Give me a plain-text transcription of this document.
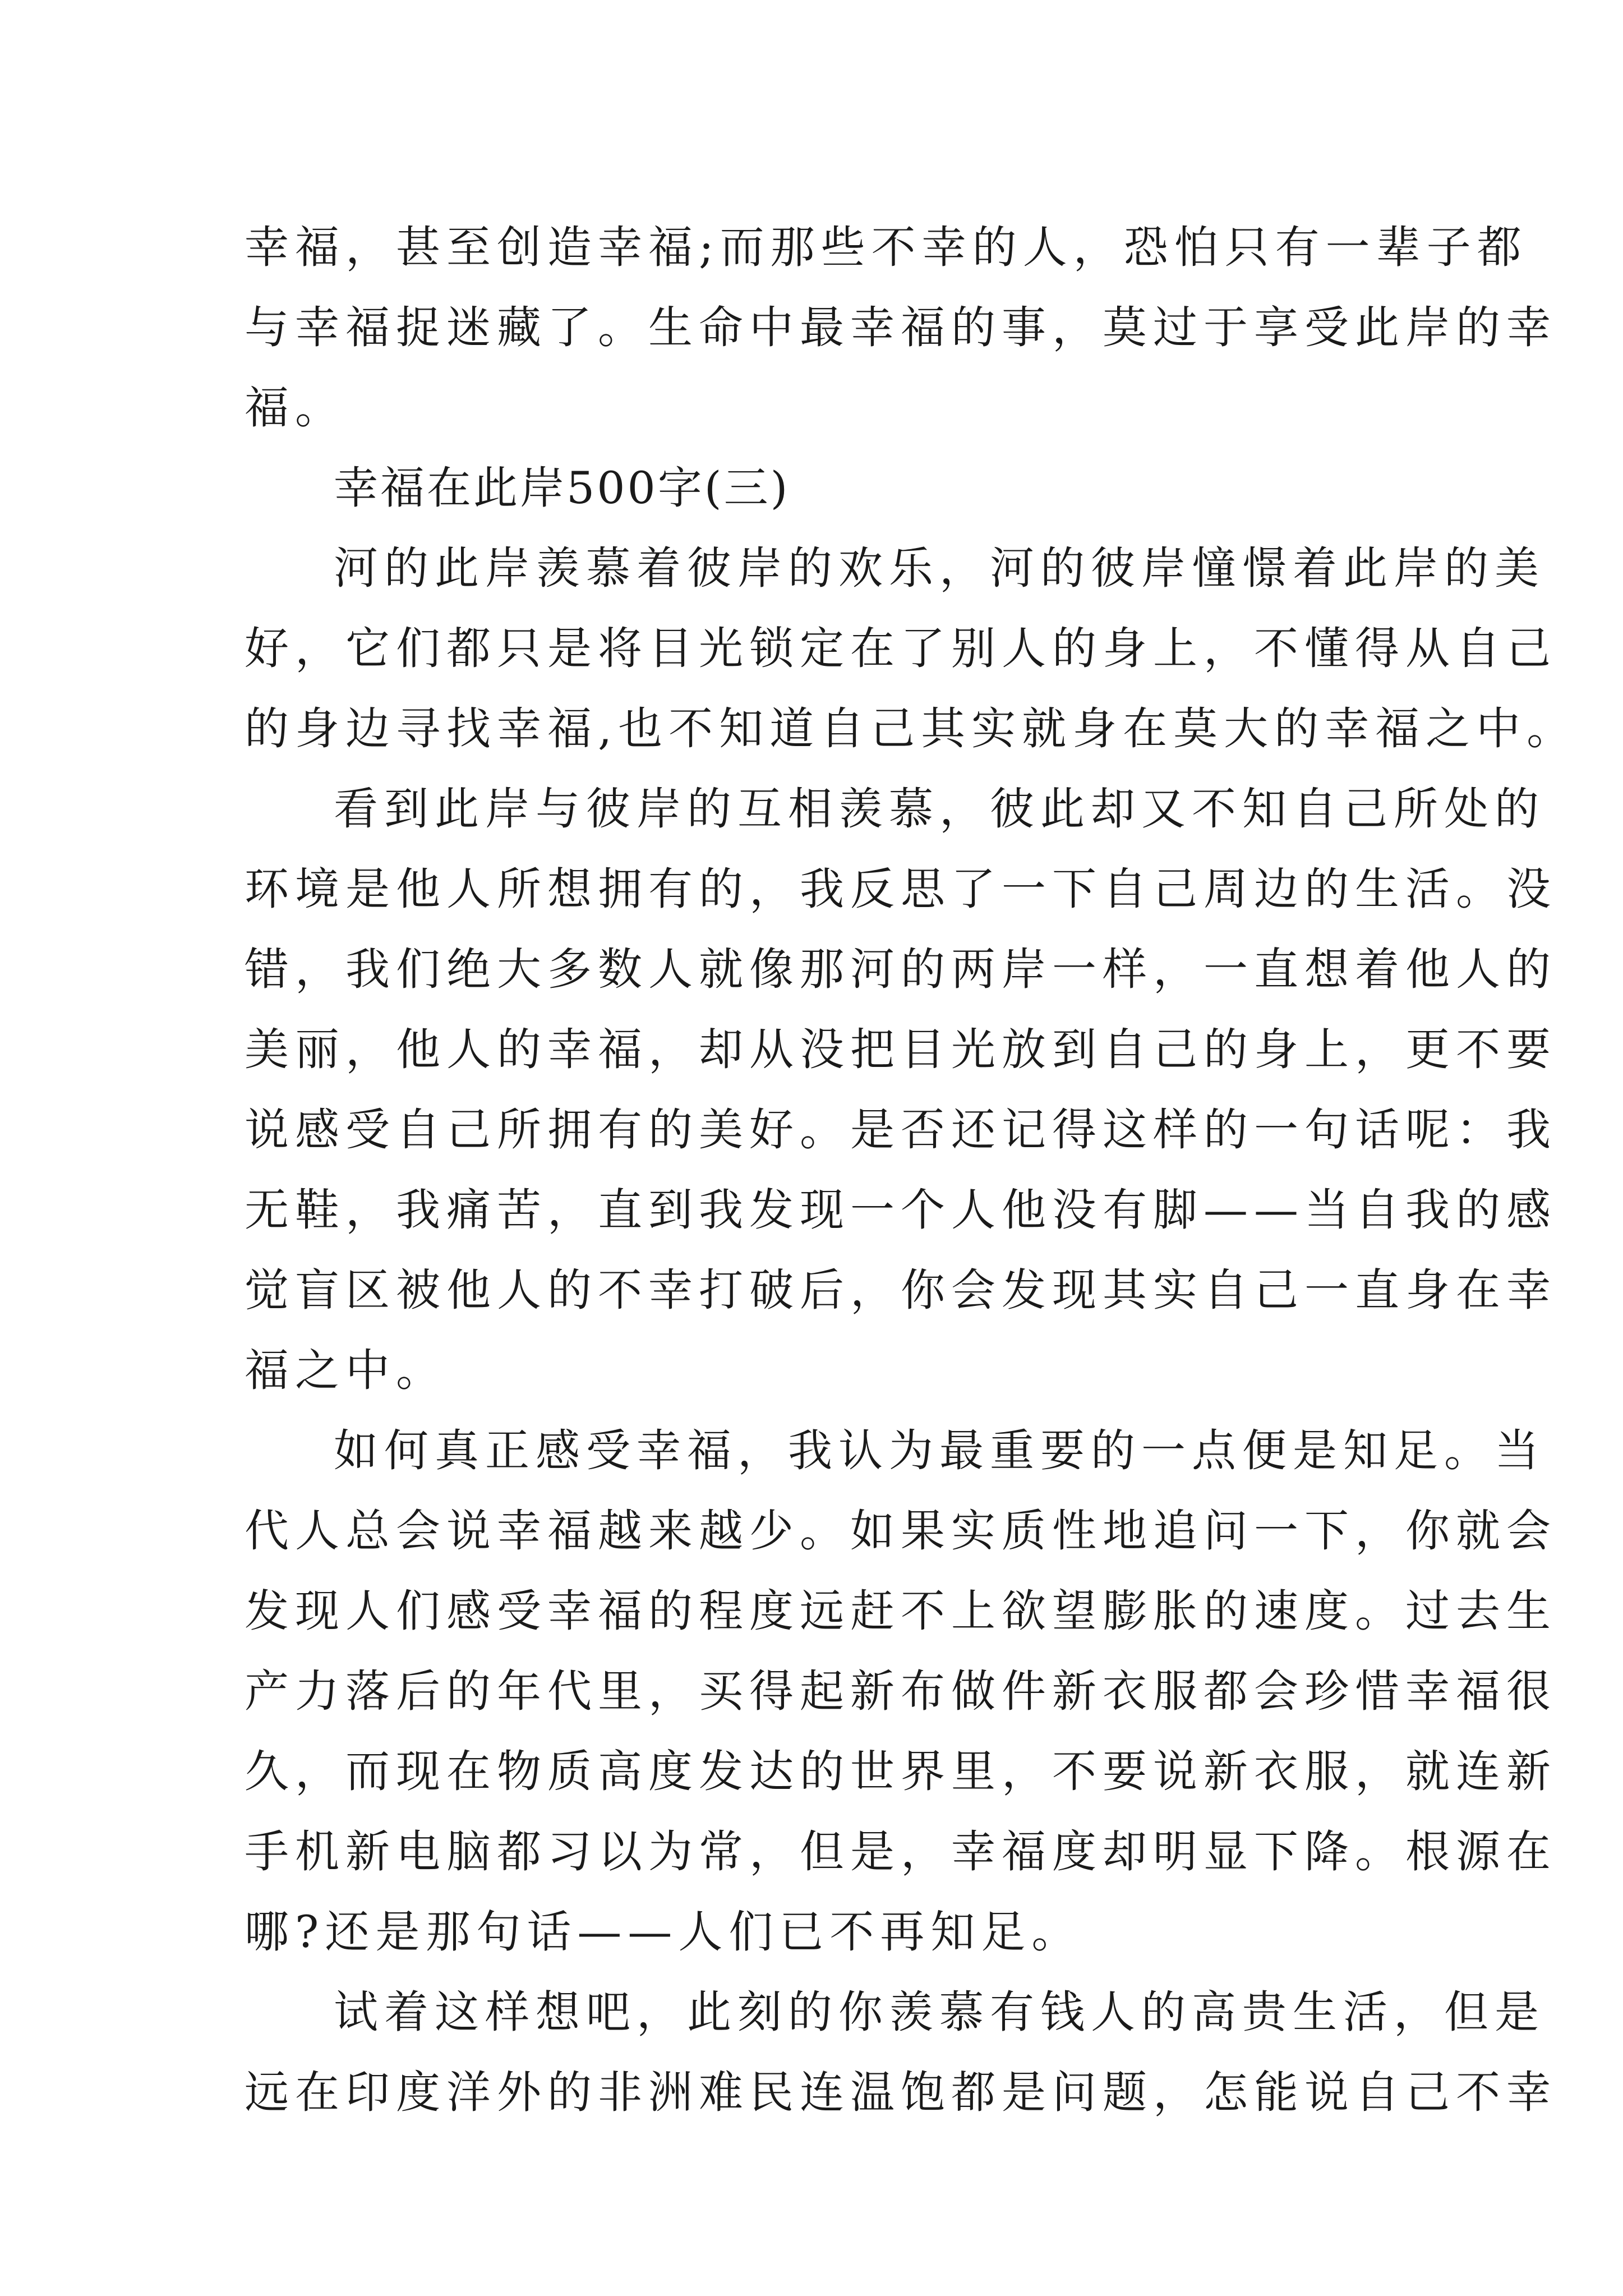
幸福，甚至创造幸福;而那些不幸的人，恐怕只有一辈子都
与幸福捉迷藏了。生命中最幸福的事，莫过于享受此岸的幸
福。
幸福在此岸500字(三)
河的此岸羡慕着彼岸的欢乐，河的彼岸憧憬着此岸的美
好，它们都只是将目光锁定在了别人的身上，不懂得从自己
的身边寻找幸福,也不知道自己其实就身在莫大的幸福之中。
看到此岸与彼岸的互相羡慕，彼此却又不知自己所处的
环境是他人所想拥有的，我反思了一下自己周边的生活。没
错，我们绝大多数人就像那河的两岸一样，一直想着他人的
美丽，他人的幸福，却从没把目光放到自己的身上，更不要
说感受自己所拥有的美好。是否还记得这样的一句话呢：我
无鞋，我痛苦，直到我发现一个人他没有脚——当自我的感
觉盲区被他人的不幸打破后，你会发现其实自己一直身在幸
福之中。
如何真正感受幸福，我认为最重要的一点便是知足。当
代人总会说幸福越来越少。如果实质性地追问一下，你就会
发现人们感受幸福的程度远赶不上欲望膨胀的速度。过去生
产力落后的年代里，买得起新布做件新衣服都会珍惜幸福很
久，而现在物质高度发达的世界里，不要说新衣服，就连新
手机新电脑都习以为常，但是，幸福度却明显下降。根源在
哪?还是那句话——人们已不再知足。
试着这样想吧，此刻的你羡慕有钱人的高贵生活，但是
远在印度洋外的非洲难民连温饱都是问题，怎能说自己不幸
